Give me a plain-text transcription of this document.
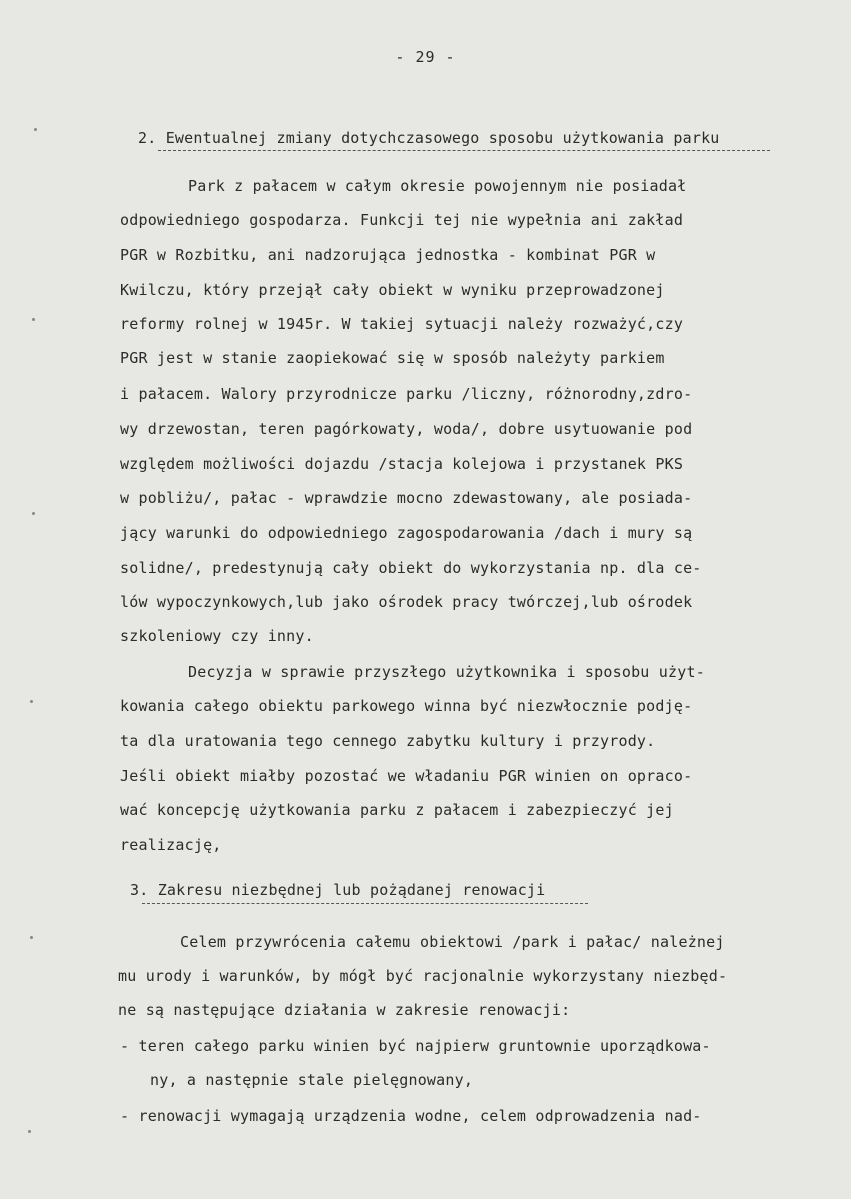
- 29 -
2. Ewentualnej zmiany dotychczasowego sposobu użytkowania parku
Park z pałacem w całym okresie powojennym nie posiadał
odpowiedniego gospodarza. Funkcji tej nie wypełnia ani zakład
PGR w Rozbitku, ani nadzorująca jednostka - kombinat PGR w
Kwilczu, który przejął cały obiekt w wyniku przeprowadzonej
reformy rolnej w 1945r. W takiej sytuacji należy rozważyć,czy
PGR jest w stanie zaopiekować się w sposób należyty parkiem
i pałacem. Walory przyrodnicze parku /liczny, różnorodny,zdro-
wy drzewostan, teren pagórkowaty, woda/, dobre usytuowanie pod
względem możliwości dojazdu /stacja kolejowa i przystanek PKS
w pobliżu/, pałac - wprawdzie mocno zdewastowany, ale posiada-
jący warunki do odpowiedniego zagospodarowania /dach i mury są
solidne/, predestynują cały obiekt do wykorzystania np. dla ce-
lów wypoczynkowych,lub jako ośrodek pracy twórczej,lub ośrodek
szkoleniowy czy inny.
Decyzja w sprawie przyszłego użytkownika i sposobu użyt-
kowania całego obiektu parkowego winna być niezwłocznie podję-
ta dla uratowania tego cennego zabytku kultury i przyrody.
Jeśli obiekt miałby pozostać we władaniu PGR winien on opraco-
wać koncepcję użytkowania parku z pałacem i zabezpieczyć jej
realizację,
3. Zakresu niezbędnej lub pożądanej renowacji
Celem przywrócenia całemu obiektowi /park i pałac/ należnej
mu urody i warunków, by mógł być racjonalnie wykorzystany niezbęd-
ne są następujące działania w zakresie renowacji:
- teren całego parku winien być najpierw gruntownie uporządkowa-
ny, a następnie stale pielęgnowany,
- renowacji wymagają urządzenia wodne, celem odprowadzenia nad-
